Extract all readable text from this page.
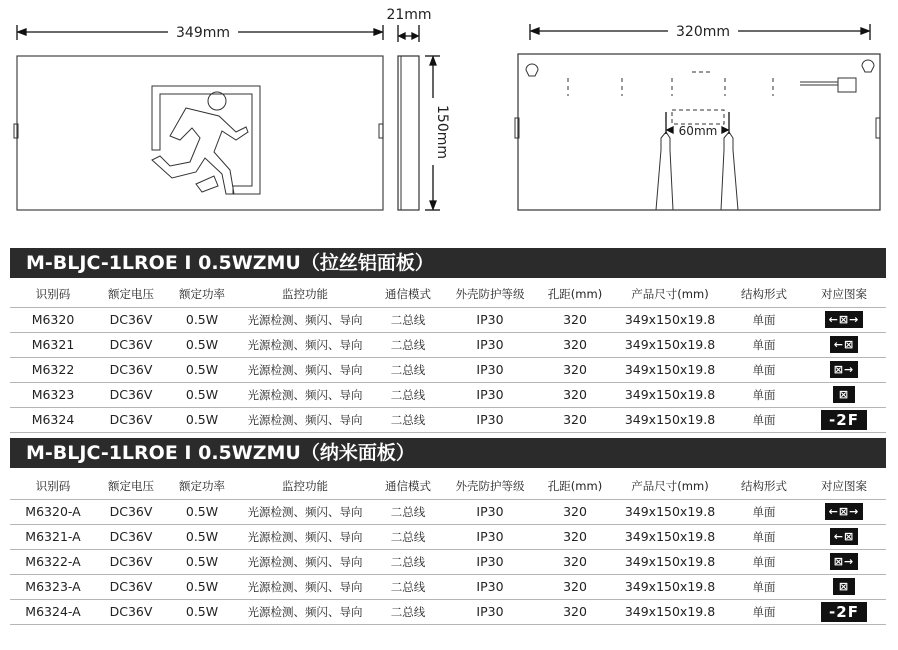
349mm
21mm
150mm
320mm
60mm
M-BLJC-1LROE Ⅰ 0.5WZMU（拉丝铝面板）
识别码	额定电压	额定功率	监控功能	通信模式	外壳防护等级	孔距(mm)	产品尺寸(mm)	结构形式	对应图案
M6320	DC36V	0.5W	光源检测、频闪、导向	二总线	IP30	320	349x150x19.8	单面	←⊠→
M6321	DC36V	0.5W	光源检测、频闪、导向	二总线	IP30	320	349x150x19.8	单面	←⊠
M6322	DC36V	0.5W	光源检测、频闪、导向	二总线	IP30	320	349x150x19.8	单面	⊠→
M6323	DC36V	0.5W	光源检测、频闪、导向	二总线	IP30	320	349x150x19.8	单面	⊠
M6324	DC36V	0.5W	光源检测、频闪、导向	二总线	IP30	320	349x150x19.8	单面	-2F
M-BLJC-1LROE Ⅰ 0.5WZMU（纳米面板）
识别码	额定电压	额定功率	监控功能	通信模式	外壳防护等级	孔距(mm)	产品尺寸(mm)	结构形式	对应图案
M6320-A	DC36V	0.5W	光源检测、频闪、导向	二总线	IP30	320	349x150x19.8	单面	←⊠→
M6321-A	DC36V	0.5W	光源检测、频闪、导向	二总线	IP30	320	349x150x19.8	单面	←⊠
M6322-A	DC36V	0.5W	光源检测、频闪、导向	二总线	IP30	320	349x150x19.8	单面	⊠→
M6323-A	DC36V	0.5W	光源检测、频闪、导向	二总线	IP30	320	349x150x19.8	单面	⊠
M6324-A	DC36V	0.5W	光源检测、频闪、导向	二总线	IP30	320	349x150x19.8	单面	-2F
